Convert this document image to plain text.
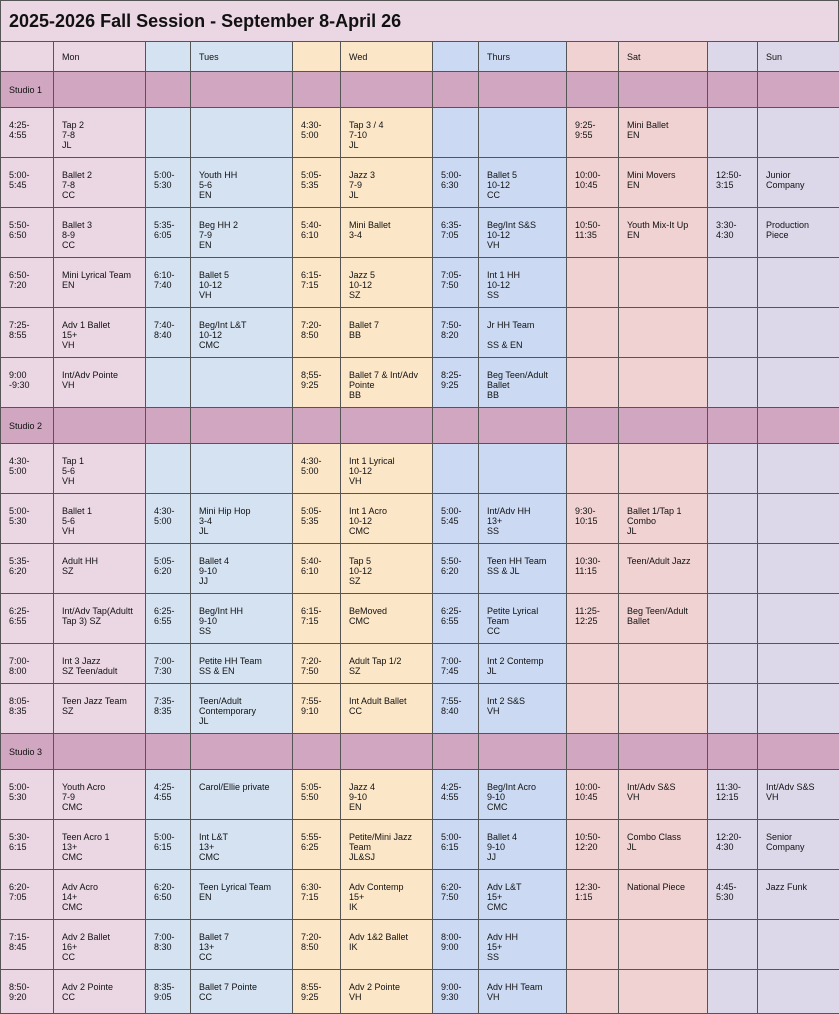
2025-2026 Fall Session - September 8-April 26
	Mon		Tues		Wed		Thurs		Sat		Sun
Studio 1											

4:25-
4:55	Tap 2
7-8
JL			4:30-
5:00	Tap 3 / 4
7-10
JL			9:25-
9:55	Mini Ballet
EN		

5:00-
5:45	Ballet 2
7-8
CC	5:00-
5:30	Youth HH
5-6
EN	5:05-
5:35	Jazz 3
7-9
JL	5:00-
6:30	Ballet 5
10-12
CC	10:00-
10:45	Mini Movers
EN	12:50-
3:15	Junior
Company

5:50-
6:50	Ballet 3
8-9
CC	5:35-
6:05	Beg HH 2
7-9
EN	5:40-
6:10	Mini Ballet
3-4	6:35-
7:05	Beg/Int S&S
10-12
VH	10:50-
11:35	Youth Mix-It Up
EN	3:30-
4:30	Production
Piece

6:50-
7:20	Mini Lyrical Team
EN	6:10-
7:40	Ballet 5
10-12
VH	6:15-
7:15	Jazz 5
10-12
SZ	7:05-
7:50	Int 1 HH
10-12
SS				

7:25-
8:55	Adv 1 Ballet
15+
VH	7:40-
8:40	Beg/Int L&T
10-12
CMC	7:20-
8:50	Ballet 7
BB	7:50-
8:20	Jr HH Team

SS & EN				

9:00
-9:30	Int/Adv Pointe
VH			8;55-
9:25	Ballet 7 & Int/Adv
Pointe
BB	8:25-
9:25	Beg Teen/Adult
Ballet
BB				

Studio 2											

4:30-
5:00	Tap 1
5-6
VH			4:30-
5:00	Int 1 Lyrical
10-12
VH						

5:00-
5:30	Ballet 1
5-6
VH	4:30-
5:00	Mini Hip Hop
3-4
JL	5:05-
5:35	Int 1 Acro
10-12
CMC	5:00-
5:45	Int/Adv HH
13+
SS	9:30-
10:15	Ballet 1/Tap 1
Combo
JL		

5:35-
6:20	Adult HH
SZ	5:05-
6:20	Ballet 4
9-10
JJ	5:40-
6:10	Tap 5
10-12
SZ	5:50-
6:20	Teen HH Team
SS & JL	10:30-
11:15	Teen/Adult Jazz		

6:25-
6:55	Int/Adv Tap(Adultt
Tap 3) SZ	6:25-
6:55	Beg/Int HH
9-10
SS	6:15-
7:15	BeMoved
CMC	6:25-
6:55	Petite Lyrical
Team
CC	11:25-
12:25	Beg Teen/Adult
Ballet		

7:00-
8:00	Int 3 Jazz
SZ Teen/adult	7:00-
7:30	Petite HH Team
SS & EN	7:20-
7:50	Adult Tap 1/2
SZ	7:00-
7:45	Int 2 Contemp
JL				

8:05-
8:35	Teen Jazz Team
SZ	7:35-
8:35	Teen/Adult
Contemporary
JL	7:55-
9:10	Int Adult Ballet
CC	7:55-
8:40	Int 2 S&S
VH				

Studio 3											

5:00-
5:30	Youth Acro
7-9
CMC	4:25-
4:55	Carol/Ellie private	5:05-
5:50	Jazz 4
9-10
EN	4:25-
4:55	Beg/Int Acro
9-10
CMC	10:00-
10:45	Int/Adv S&S
VH	11:30-
12:15	Int/Adv S&S
VH

5:30-
6:15	Teen Acro 1
13+
CMC	5:00-
6:15	Int L&T
13+
CMC	5:55-
6:25	Petite/Mini Jazz
Team
JL&SJ	5:00-
6:15	Ballet 4
9-10
JJ	10:50-
12:20	Combo Class
JL	12:20-
4:30	Senior
Company

6:20-
7:05	Adv Acro
14+
CMC	6:20-
6:50	Teen Lyrical Team
EN	6:30-
7:15	Adv Contemp
15+
IK	6:20-
7:50	Adv L&T
15+
CMC	12:30-
1:15	National Piece	4:45-
5:30	Jazz Funk

7:15-
8:45	Adv 2 Ballet
16+
CC	7:00-
8:30	Ballet 7
13+
CC	7:20-
8:50	Adv 1&2 Ballet
IK	8:00-
9:00	Adv HH
15+
SS				

8:50-
9:20	Adv 2 Pointe
CC	8:35-
9:05	Ballet 7 Pointe
CC	8:55-
9:25	Adv 2 Pointe
VH	9:00-
9:30	Adv HH Team
VH				
